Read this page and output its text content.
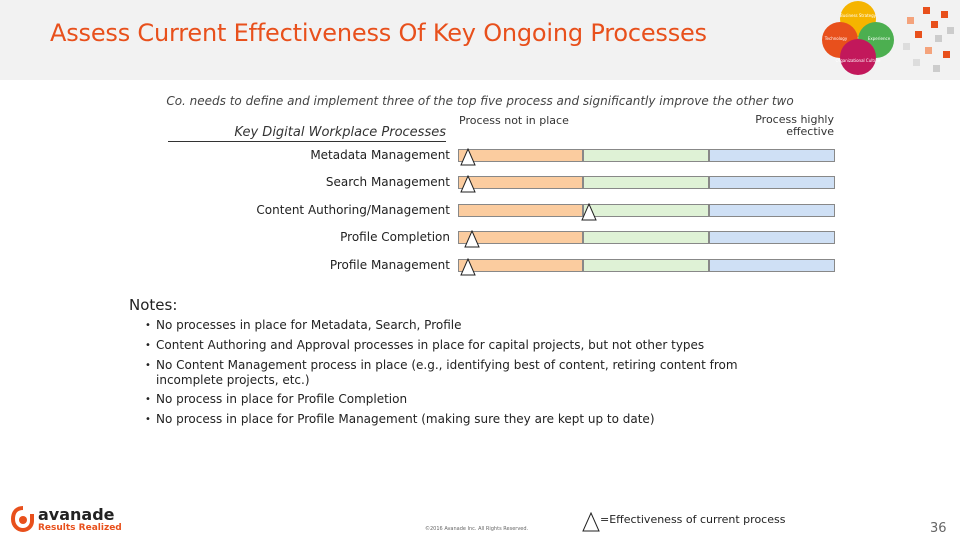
Assess Current Effectiveness Of Key Ongoing Processes
Business Strategy
Technology	Experience
Organizational Culture
Co. needs to define and implement three of the top five process and significantly improve the other two
Key Digital Workplace Processes
Process not in place	Process highly
effective
Metadata Management
Search Management
Content Authoring/Management
Profile Completion
Profile Management
Notes:
• No processes in place for Metadata, Search, Profile
• Content Authoring and Approval processes in place for capital projects, but not other types
• No Content Management process in place (e.g., identifying best of content, retiring content from incomplete projects, etc.)
• No process in place for Profile Completion
• No process in place for Profile Management (making sure they are kept up to date)
avanade
Results Realized	©2016 Avanade Inc. All Rights Reserved.
=Effectiveness of current process
36
